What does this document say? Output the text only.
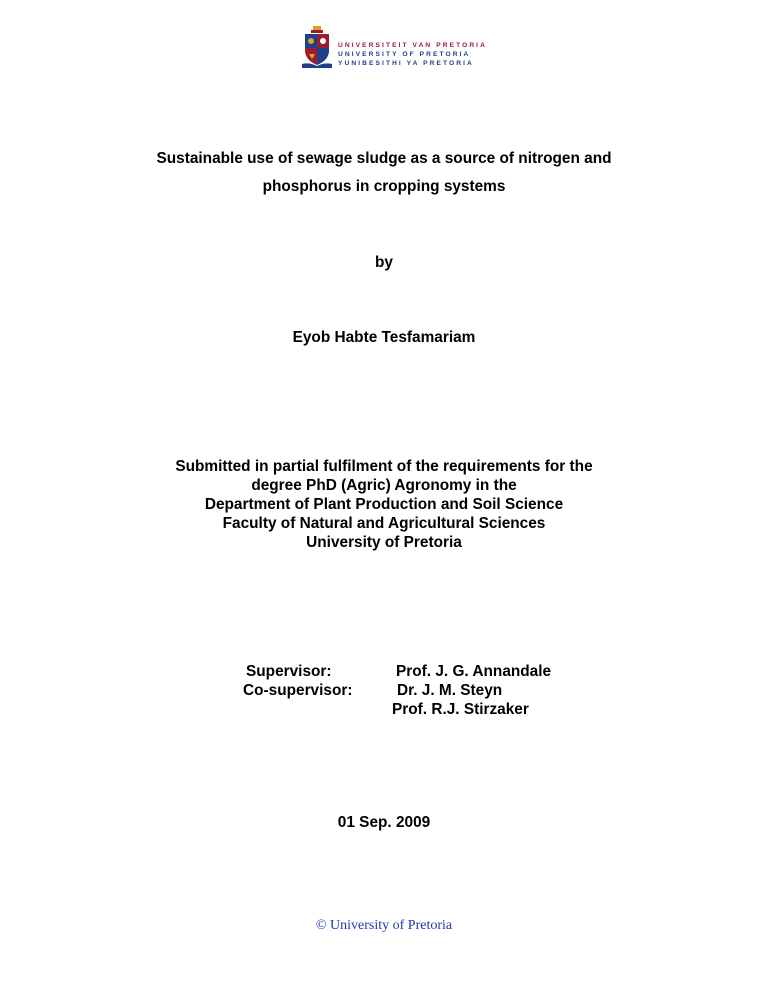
UNIVERSITEIT VAN PRETORIA
UNIVERSITY OF PRETORIA
YUNIBESITHI YA PRETORIA
Sustainable use of sewage sludge as a source of nitrogen and
phosphorus in cropping systems
by
Eyob Habte Tesfamariam
Submitted in partial fulfilment of the requirements for the
degree PhD (Agric) Agronomy in the
Department of Plant Production and Soil Science
Faculty of Natural and Agricultural Sciences
University of Pretoria
Supervisor:	Prof. J. G. Annandale
Co-supervisor:	Dr. J. M. Steyn
Prof. R.J. Stirzaker
01 Sep. 2009
© University of Pretoria
